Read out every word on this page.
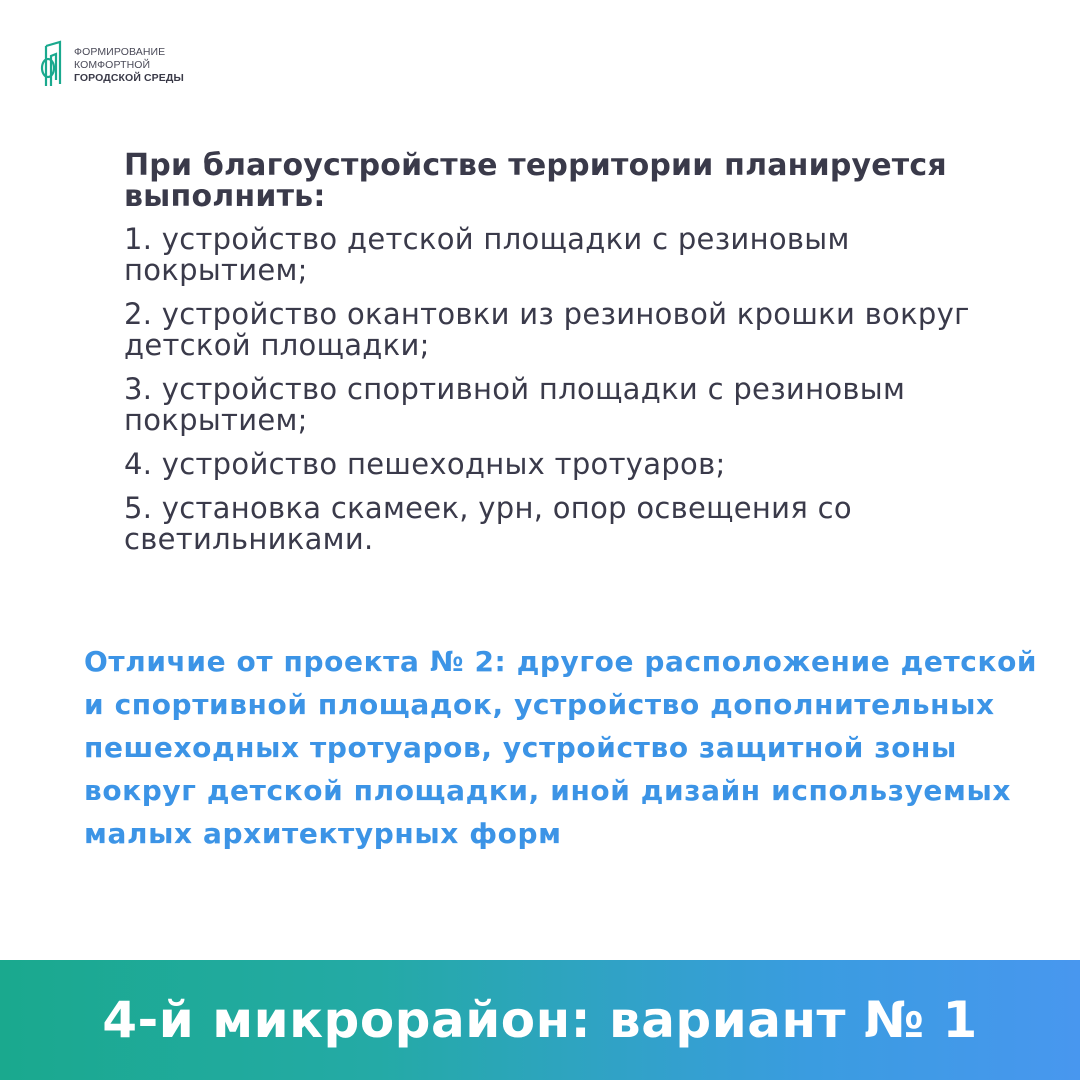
ФОРМИРОВАНИЕ
КОМФОРТНОЙ
ГОРОДСКОЙ СРЕДЫ

При благоустройстве территории планируется выполнить:

1. устройство детской площадки с резиновым покрытием;

2. устройство окантовки из резиновой крошки вокруг детской площадки;

3. устройство спортивной площадки с резиновым покрытием;

4. устройство пешеходных тротуаров;

5. установка скамеек, урн, опор освещения со светильниками.

Отличие от проекта № 2: другое расположение детской и спортивной площадок, устройство дополнительных пешеходных тротуаров, устройство защитной зоны вокруг детской площадки, иной дизайн используемых малых архитектурных форм
4-й микрорайон: вариант № 1
